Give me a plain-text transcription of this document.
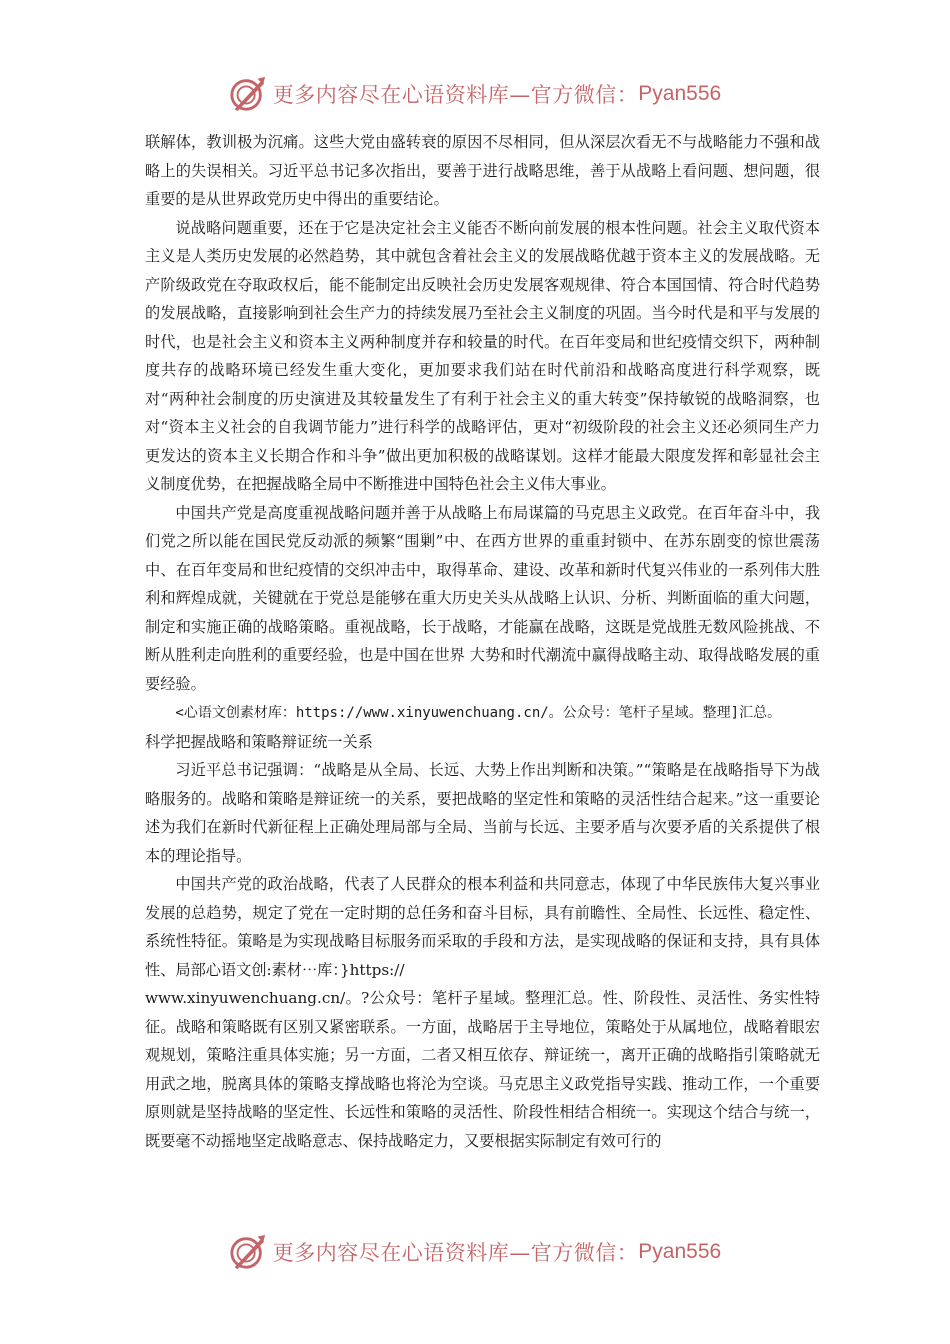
更多内容尽在心语资料库—官方微信： Pyan556

联解体，教训极为沉痛。这些大党由盛转衰的原因不尽相同，但从深层次看无不与战略能力不强和战略上的失误相关。习近平总书记多次指出，要善于进行战略思维，善于从战略上看问题、想问题，很重要的是从世界政党历史中得出的重要结论。

说战略问题重要，还在于它是决定社会主义能否不断向前发展的根本性问题。社会主义取代资本主义是人类历史发展的必然趋势，其中就包含着社会主义的发展战略优越于资本主义的发展战略。无产阶级政党在夺取政权后，能不能制定出反映社会历史发展客观规律、符合本国国情、符合时代趋势的发展战略，直接影响到社会生产力的持续发展乃至社会主义制度的巩固。当今时代是和平与发展的时代，也是社会主义和资本主义两种制度并存和较量的时代。在百年变局和世纪疫情交织下，两种制度共存的战略环境已经发生重大变化，更加要求我们站在时代前沿和战略高度进行科学观察，既对“两种社会制度的历史演进及其较量发生了有利于社会主义的重大转变”保持敏锐的战略洞察，也对“资本主义社会的自我调节能力”进行科学的战略评估，更对“初级阶段的社会主义还必须同生产力更发达的资本主义长期合作和斗争”做出更加积极的战略谋划。这样才能最大限度发挥和彰显社会主义制度优势，在把握战略全局中不断推进中国特色社会主义伟大事业。

中国共产党是高度重视战略问题并善于从战略上布局谋篇的马克思主义政党。在百年奋斗中，我们党之所以能在国民党反动派的频繁“围剿”中、在西方世界的重重封锁中、在苏东剧变的惊世震荡中、在百年变局和世纪疫情的交织冲击中，取得革命、建设、改革和新时代复兴伟业的一系列伟大胜利和辉煌成就，关键就在于党总是能够在重大历史关头从战略上认识、分析、判断面临的重大问题，制定和实施正确的战略策略。重视战略，长于战略，才能赢在战略，这既是党战胜无数风险挑战、不断从胜利走向胜利的重要经验，也是中国在世界 大势和时代潮流中赢得战略主动、取得战略发展的重要经验。

<心语文创素材库：https://www.xinyuwenchuang.cn/。公众号：笔杆子星域。整理]汇总。

科学把握战略和策略辩证统一关系

习近平总书记强调：“战略是从全局、长远、大势上作出判断和决策。”“策略是在战略指导下为战略服务的。战略和策略是辩证统一的关系，要把战略的坚定性和策略的灵活性结合起来。”这一重要论述为我们在新时代新征程上正确处理局部与全局、当前与长远、主要矛盾与次要矛盾的关系提供了根本的理论指导。

中国共产党的政治战略，代表了人民群众的根本利益和共同意志，体现了中华民族伟大复兴事业发展的总趋势，规定了党在一定时期的总任务和奋斗目标，具有前瞻性、全局性、长远性、稳定性、系统性特征。策略是为实现战略目标服务而采取的手段和方法，是实现战略的保证和支持，具有具体性、局部心语文创:素材⋯库：}https://

www.xinyuwenchuang.cn/。?公众号：笔杆子星域。整理汇总。性、阶段性、灵活性、务实性特征。战略和策略既有区别又紧密联系。一方面，战略居于主导地位，策略处于从属地位，战略着眼宏观规划，策略注重具体实施；另一方面，二者又相互依存、辩证统一，离开正确的战略指引策略就无用武之地，脱离具体的策略支撑战略也将沦为空谈。马克思主义政党指导实践、推动工作，一个重要原则就是坚持战略的坚定性、长远性和策略的灵活性、阶段性相结合相统一。实现这个结合与统一，既要毫不动摇地坚定战略意志、保持战略定力，又要根据实际制定有效可行的

更多内容尽在心语资料库—官方微信： Pyan556
